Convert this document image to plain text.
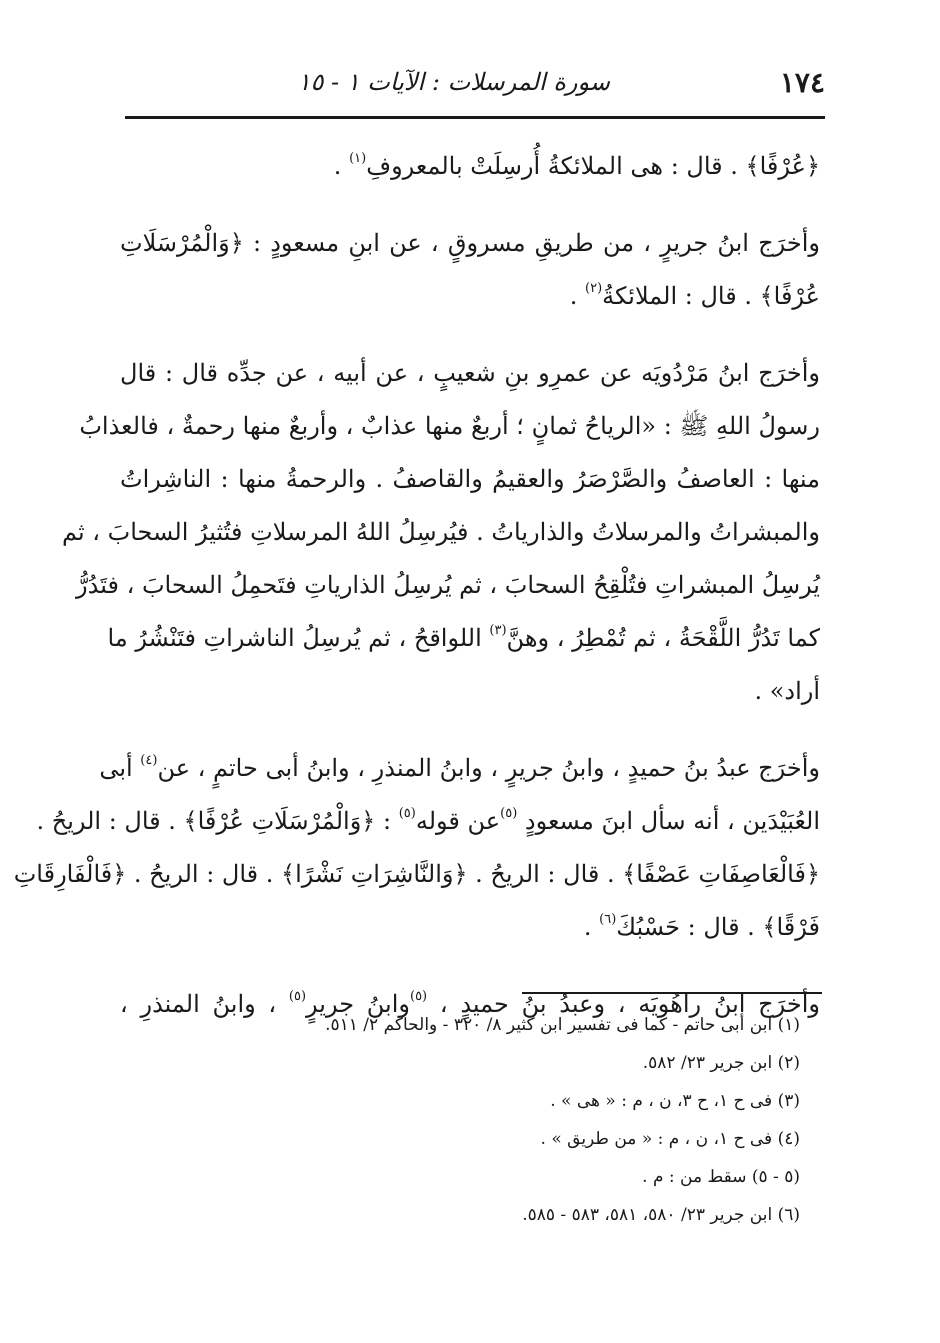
١٧٤
سورة المرسلات : الآيات ١ - ١٥
﴿عُرْفًا﴾ . قال : هى الملائكةُ أُرسِلَتْ بالمعروفِ$^{(١)}$ .
وأخرَج ابنُ جريرٍ ، من طريقِ مسروقٍ ، عن ابنِ مسعودٍ : ﴿وَالْمُرْسَلَاتِ
عُرْفًا﴾ . قال : الملائكةُ$^{(٢)}$ .
وأخرَج ابنُ مَرْدُويَه عن عمرِو بنِ شعيبٍ ، عن أبيه ، عن جدِّه قال : قال
رسولُ اللهِ ﷺ : «الرياحُ ثمانٍ ؛ أربعٌ منها عذابٌ ، وأربعٌ منها رحمةٌ ، فالعذابُ
منها : العاصفُ والصَّرْصَرُ والعقيمُ والقاصفُ . والرحمةُ منها : الناشِراتُ
والمبشراتُ والمرسلاتُ والذارياتُ . فيُرسِلُ اللهُ المرسلاتِ فتُثيرُ السحابَ ، ثم
يُرسِلُ المبشراتِ فتُلْقِحُ السحابَ ، ثم يُرسِلُ الذارياتِ فتَحمِلُ السحابَ ، فتَدُرُّ
كما تَدُرُّ اللَّقْحَةُ ، ثم تُمْطِرُ ، وهنَّ$^{(٣)}$ اللواقحُ ، ثم يُرسِلُ الناشراتِ فتَنْشُرُ ما
أراد» .
وأخرَج عبدُ بنُ حميدٍ ، وابنُ جريرٍ ، وابنُ المنذرِ ، وابنُ أبى حاتمٍ ، عن$^{(٤)}$ أبى
العُبَيْدَين ، أنه سأل ابنَ مسعودٍ $^{(٥)}$عن قوله$^{(٥)}$ : ﴿وَالْمُرْسَلَاتِ عُرْفًا﴾ . قال : الريحُ .
﴿فَالْعَاصِفَاتِ عَصْفًا﴾ . قال : الريحُ . ﴿وَالنَّاشِرَاتِ نَشْرًا﴾ . قال : الريحُ . ﴿فَالْفَارِقَاتِ
فَرْقًا﴾ . قال : حَسْبُكَ$^{(٦)}$ .
وأخرَج ابنُ راهُويَه ، وعبدُ بنُ حميدٍ ، $^{(٥)}$وابنُ جريرٍ$^{(٥)}$ ، وابنُ المنذرِ ،
(١) ابن أبى حاتم - كما فى تفسير ابن كثير ٨/ ٣٢٠ - والحاكم ٢/ ٥١١.
(٢) ابن جرير ٢٣/ ٥٨٢.
(٣) فى ح ١، ح ٣، ن ، م : « هى » .
(٤) فى ح ١، ن ، م : « من طريق » .
(٥ - ٥) سقط من : م .
(٦) ابن جرير ٢٣/ ٥٨٠، ٥٨١، ٥٨٣ - ٥٨٥.
